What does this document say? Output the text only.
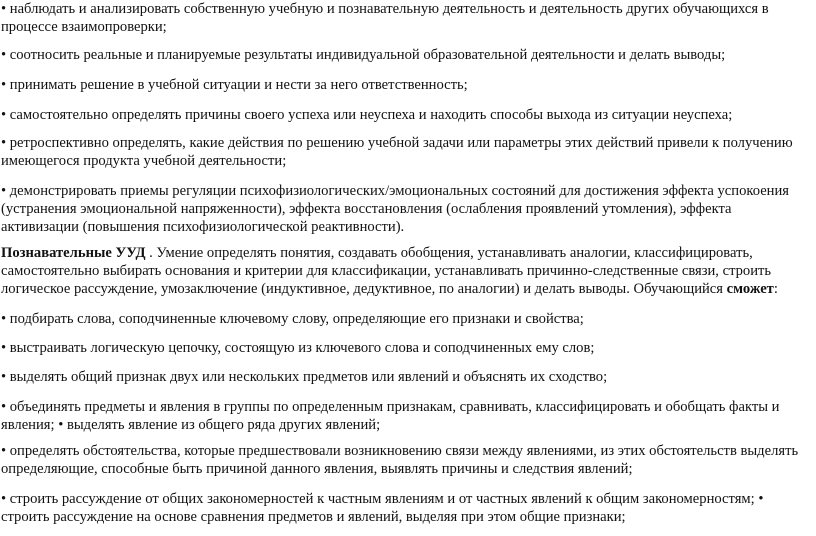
• наблюдать и анализировать собственную учебную и познавательную деятельность и деятельность других обучающихся в процессе взаимопроверки;

• соотносить реальные и планируемые результаты индивидуальной образовательной деятельности и делать выводы;

• принимать решение в учебной ситуации и нести за него ответственность;

• самостоятельно определять причины своего успеха или неуспеха и находить способы выхода из ситуации неуспеха;

• ретроспективно определять, какие действия по решению учебной задачи или параметры этих действий привели к получению имеющегося продукта учебной деятельности;

• демонстрировать приемы регуляции психофизиологических/эмоциональных состояний для достижения эффекта успокоения (устранения эмоциональной напряженности), эффекта восстановления (ослабления проявлений утомления), эффекта активизации (повышения психофизиологической реактивности).

Познавательные УУД . Умение определять понятия, создавать обобщения, устанавливать аналогии, классифицировать, самостоятельно выбирать основания и критерии для классификации, устанавливать причинно-следственные связи, строить логическое рассуждение, умозаключение (индуктивное, дедуктивное, по аналогии) и делать выводы. Обучающийся сможет:

• подбирать слова, соподчиненные ключевому слову, определяющие его признаки и свойства;

• выстраивать логическую цепочку, состоящую из ключевого слова и соподчиненных ему слов;

• выделять общий признак двух или нескольких предметов или явлений и объяснять их сходство;

• объединять предметы и явления в группы по определенным признакам, сравнивать, классифицировать и обобщать факты и явления; • выделять явление из общего ряда других явлений;

• определять обстоятельства, которые предшествовали возникновению связи между явлениями, из этих обстоятельств выделять определяющие, способные быть причиной данного явления, выявлять причины и следствия явлений;

• строить рассуждение от общих закономерностей к частным явлениям и от частных явлений к общим закономерностям; • строить рассуждение на основе сравнения предметов и явлений, выделяя при этом общие признаки;
